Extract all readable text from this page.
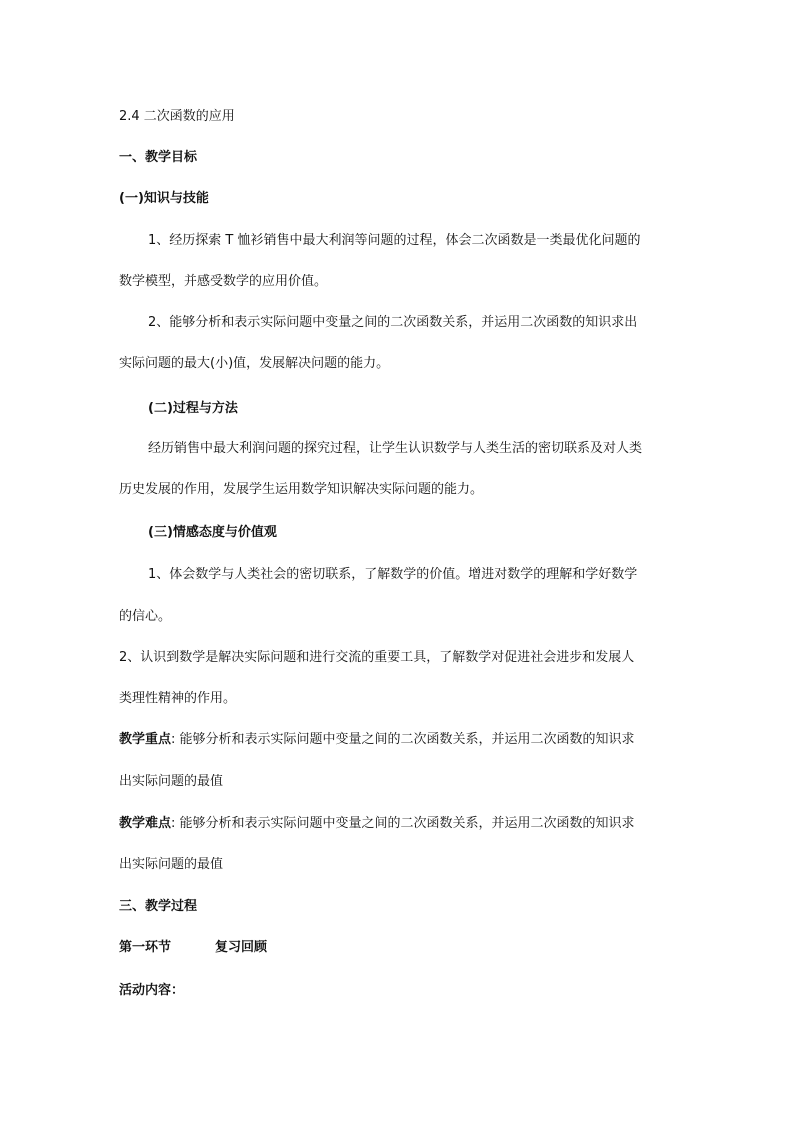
2.4 二次函数的应用
一、教学目标
(一)知识与技能
1、经历探索 T 恤衫销售中最大利润等问题的过程，体会二次函数是一类最优化问题的
数学模型，并感受数学的应用价值。
2、能够分析和表示实际问题中变量之间的二次函数关系，并运用二次函数的知识求出
实际问题的最大(小)值，发展解决问题的能力。
(二)过程与方法
经历销售中最大利润问题的探究过程，让学生认识数学与人类生活的密切联系及对人类
历史发展的作用，发展学生运用数学知识解决实际问题的能力。
(三)情感态度与价值观
1、体会数学与人类社会的密切联系，了解数学的价值。增进对数学的理解和学好数学
的信心。
2、认识到数学是解决实际问题和进行交流的重要工具，了解数学对促进社会进步和发展人
类理性精神的作用。
教学重点: 能够分析和表示实际问题中变量之间的二次函数关系，并运用二次函数的知识求
出实际问题的最值
教学难点: 能够分析和表示实际问题中变量之间的二次函数关系，并运用二次函数的知识求
出实际问题的最值
三、教学过程
第一环节	复习回顾
活动内容：
